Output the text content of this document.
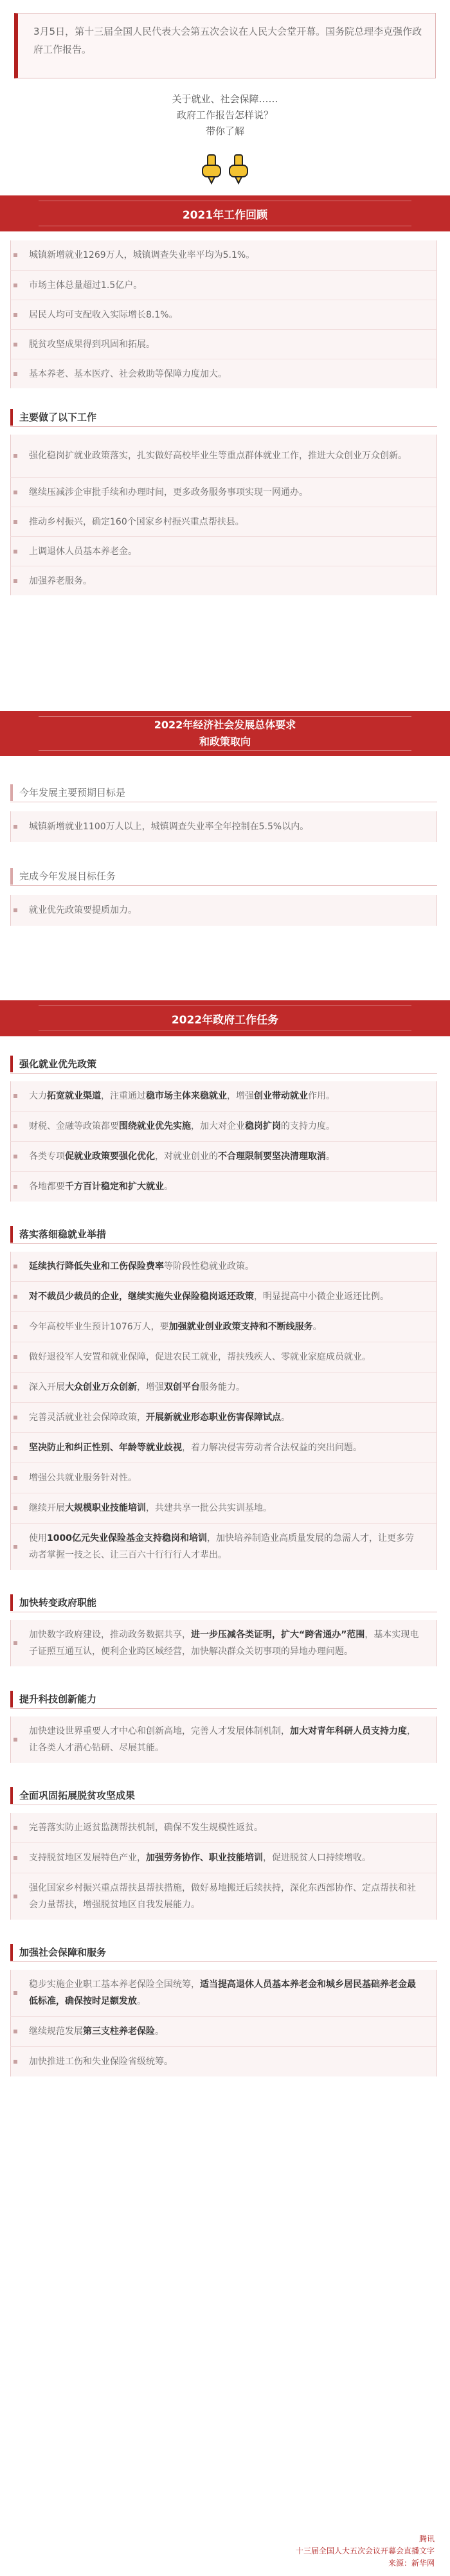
3月5日，第十三届全国人民代表大会第五次会议在人民大会堂开幕。国务院总理李克强作政府工作报告。

关于就业、社会保障……
政府工作报告怎样说？
带你了解
2021年工作回顾
城镇新增就业1269万人，城镇调查失业率平均为5.1%。
市场主体总量超过1.5亿户。
居民人均可支配收入实际增长8.1%。
脱贫攻坚成果得到巩固和拓展。
基本养老、基本医疗、社会救助等保障力度加大。
主要做了以下工作
强化稳岗扩就业政策落实，扎实做好高校毕业生等重点群体就业工作，推进大众创业万众创新。
继续压减涉企审批手续和办理时间，更多政务服务事项实现一网通办。
推动乡村振兴，确定160个国家乡村振兴重点帮扶县。
上调退休人员基本养老金。
加强养老服务。
2022年经济社会发展总体要求
和政策取向
今年发展主要预期目标是
城镇新增就业1100万人以上，城镇调查失业率全年控制在5.5%以内。
完成今年发展目标任务
就业优先政策要提质加力。
2022年政府工作任务
强化就业优先政策

大力拓宽就业渠道，注重通过稳市场主体来稳就业，增强创业带动就业作用。

财税、金融等政策都要围绕就业优先实施，加大对企业稳岗扩岗的支持力度。

各类专项促就业政策要强化优化，对就业创业的不合理限制要坚决清理取消。

各地都要千方百计稳定和扩大就业。

落实落细稳就业举措

延续执行降低失业和工伤保险费率等阶段性稳就业政策。

对不裁员少裁员的企业，继续实施失业保险稳岗返还政策，明显提高中小微企业返还比例。

今年高校毕业生预计1076万人，要加强就业创业政策支持和不断线服务。

做好退役军人安置和就业保障，促进农民工就业，帮扶残疾人、零就业家庭成员就业。

深入开展大众创业万众创新，增强双创平台服务能力。

完善灵活就业社会保障政策，开展新就业形态职业伤害保障试点。

坚决防止和纠正性别、年龄等就业歧视，着力解决侵害劳动者合法权益的突出问题。

增强公共就业服务针对性。

继续开展大规模职业技能培训，共建共享一批公共实训基地。

使用1000亿元失业保险基金支持稳岗和培训，加快培养制造业高质量发展的急需人才，让更多劳动者掌握一技之长、让三百六十行行行人才辈出。

加快转变政府职能

加快数字政府建设，推动政务数据共享，进一步压减各类证明，扩大“跨省通办”范围，基本实现电子证照互通互认，便利企业跨区域经营，加快解决群众关切事项的异地办理问题。

提升科技创新能力

加快建设世界重要人才中心和创新高地，完善人才发展体制机制，加大对青年科研人员支持力度，让各类人才潜心钻研、尽展其能。

全面巩固拓展脱贫攻坚成果

完善落实防止返贫监测帮扶机制，确保不发生规模性返贫。

支持脱贫地区发展特色产业，加强劳务协作、职业技能培训，促进脱贫人口持续增收。

强化国家乡村振兴重点帮扶县帮扶措施，做好易地搬迁后续扶持，深化东西部协作、定点帮扶和社会力量帮扶，增强脱贫地区自我发展能力。

加强社会保障和服务

稳步实施企业职工基本养老保险全国统筹，适当提高退休人员基本养老金和城乡居民基础养老金最低标准，确保按时足额发放。

继续规范发展第三支柱养老保险。

加快推进工伤和失业保险省级统筹。

腾讯
十三届全国人大五次会议开幕会直播文字
来源：新华网
